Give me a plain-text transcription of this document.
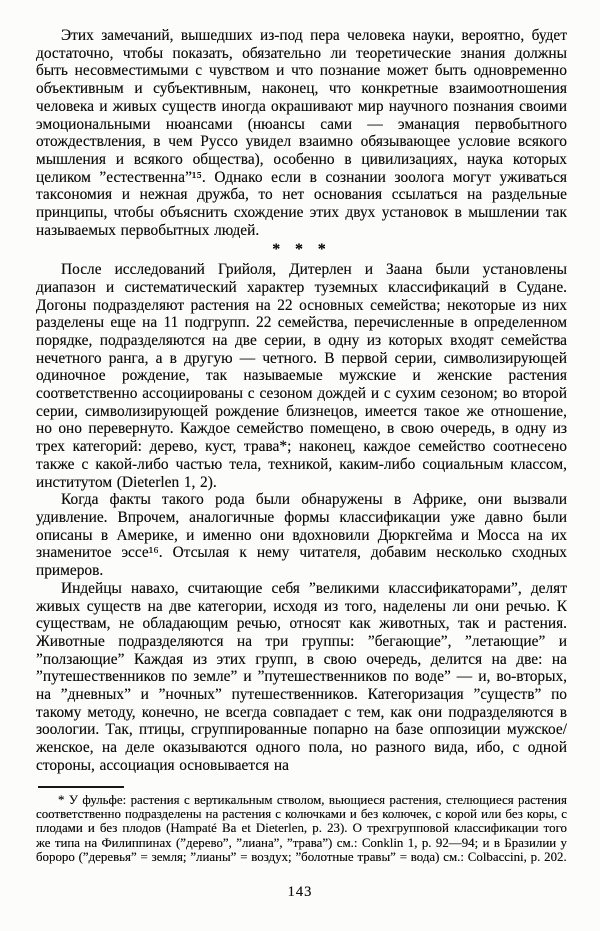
Этих замечаний, вышедших из-под пера человека науки, вероятно, будет достаточно, чтобы показать, обязательно ли теоретические знания должны быть несовместимыми с чувством и что познание может быть одновременно объективным и субъективным, наконец, что конкретные взаимоотношения человека и живых существ иногда окрашивают мир научного познания своими эмоциональными нюансами (нюансы сами — эманация первобытного отождествления, в чем Руссо увидел взаимно обязывающее условие всякого мышления и всякого общества), особенно в цивилизациях, наука которых целиком ”естественна”¹⁵. Однако если в сознании зоолога могут уживаться таксономия и нежная дружба, то нет основания ссылаться на раздельные принципы, чтобы объяснить схождение этих двух установок в мышлении так называемых первобытных людей.

* * *

После исследований Грийоля, Дитерлен и Заана были установлены диапазон и систематический характер туземных классификаций в Судане. Догоны подразделяют растения на 22 основных семейства; некоторые из них разделены еще на 11 подгрупп. 22 семейства, перечисленные в определенном порядке, подразделяются на две серии, в одну из которых входят семейства нечетного ранга, а в другую — четного. В первой серии, символизирующей одиночное рождение, так называемые мужские и женские растения соответственно ассоциированы с сезоном дождей и с сухим сезоном; во второй серии, символизирующей рождение близнецов, имеется такое же отношение, но оно перевернуто. Каждое семейство помещено, в свою очередь, в одну из трех категорий: дерево, куст, трава*; наконец, каждое семейство соотнесено также с какой-либо частью тела, техникой, каким-либо социальным классом, институтом (Dieterlen 1, 2).

Когда факты такого рода были обнаружены в Африке, они вызвали удивление. Впрочем, аналогичные формы классификации уже давно были описаны в Америке, и именно они вдохновили Дюркгейма и Мосса на их знаменитое эссе¹⁶. Отсылая к нему читателя, добавим несколько сходных примеров.

Индейцы навахо, считающие себя ”великими классификаторами”, делят живых существ на две категории, исходя из того, наделены ли они речью. К существам, не обладающим речью, относят как животных, так и растения. Животные подразделяются на три группы: ”бегающие”, ”летающие” и ”ползающие” Каждая из этих групп, в свою очередь, делится на две: на ”путешественников по земле” и ”путешественников по воде” — и, во-вторых, на ”дневных” и ”ночных” путешественников. Категоризация ”существ” по такому методу, конечно, не всегда совпадает с тем, как они подразделяются в зоологии. Так, птицы, сгруппированные попарно на базе оппозиции мужское/женское, на деле оказываются одного пола, но разного вида, ибо, с одной стороны, ассоциация основывается на

* У фульфе: растения с вертикальным стволом, вьющиеся растения, стелющиеся растения соответственно подразделены на растения с колючками и без колючек, с корой или без коры, с плодами и без плодов (Hampaté Ba et Dieterlen, p. 23). О трехгрупповой классификации того же типа на Филиппинах (”дерево”, ”лиана”, ”трава”) см.: Conklin 1, p. 92—94; и в Бразилии у бороро (”деревья” = земля; ”лианы” = воздух; ”болотные травы” = вода) см.: Colbaccini, p. 202.

143
